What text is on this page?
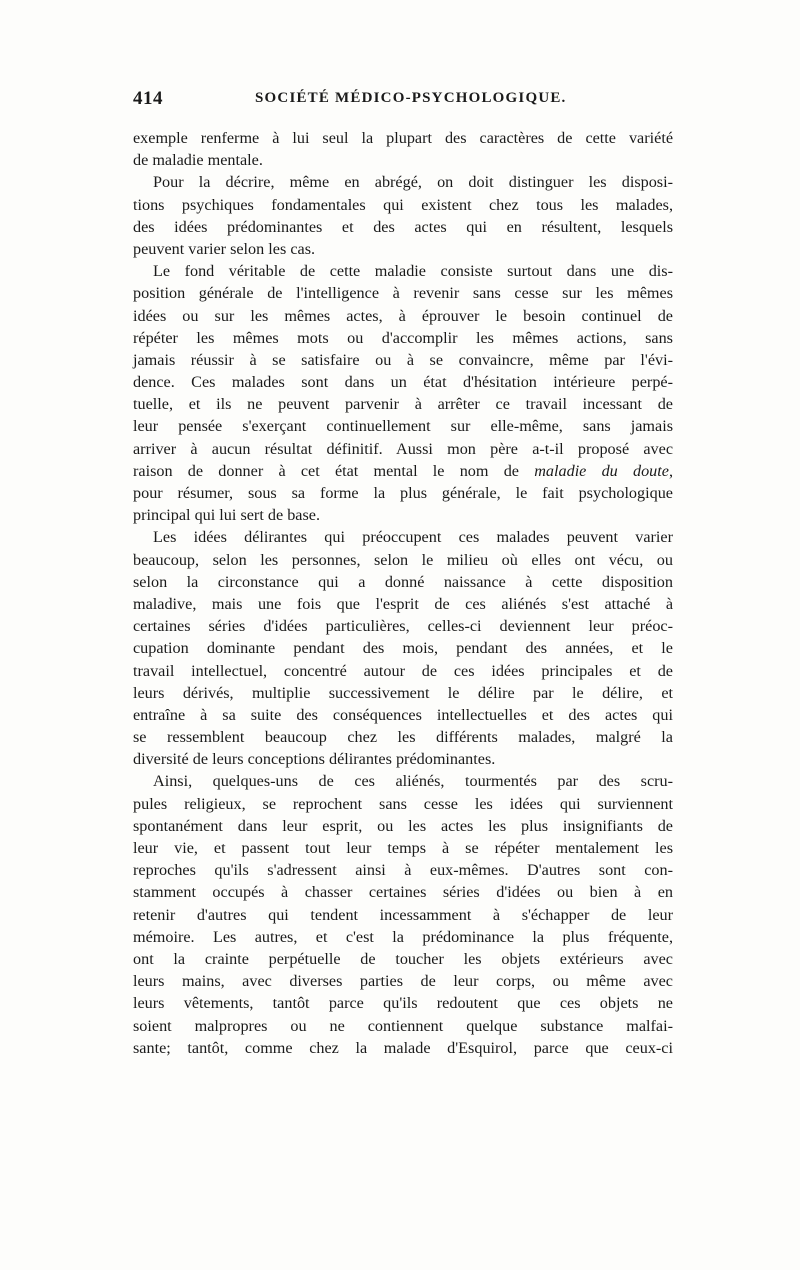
414	SOCIÉTÉ MÉDICO-PSYCHOLOGIQUE.
exemple renferme à lui seul la plupart des caractères de cette variété
de maladie mentale.
Pour la décrire, même en abrégé, on doit distinguer les disposi-
tions psychiques fondamentales qui existent chez tous les malades,
des idées prédominantes et des actes qui en résultent, lesquels
peuvent varier selon les cas.
Le fond véritable de cette maladie consiste surtout dans une dis-
position générale de l'intelligence à revenir sans cesse sur les mêmes
idées ou sur les mêmes actes, à éprouver le besoin continuel de
répéter les mêmes mots ou d'accomplir les mêmes actions, sans
jamais réussir à se satisfaire ou à se convaincre, même par l'évi-
dence. Ces malades sont dans un état d'hésitation intérieure perpé-
tuelle, et ils ne peuvent parvenir à arrêter ce travail incessant de
leur pensée s'exerçant continuellement sur elle-même, sans jamais
arriver à aucun résultat définitif. Aussi mon père a-t-il proposé avec
raison de donner à cet état mental le nom de maladie du doute,
pour résumer, sous sa forme la plus générale, le fait psychologique
principal qui lui sert de base.
Les idées délirantes qui préoccupent ces malades peuvent varier
beaucoup, selon les personnes, selon le milieu où elles ont vécu, ou
selon la circonstance qui a donné naissance à cette disposition
maladive, mais une fois que l'esprit de ces aliénés s'est attaché à
certaines séries d'idées particulières, celles-ci deviennent leur préoc-
cupation dominante pendant des mois, pendant des années, et le
travail intellectuel, concentré autour de ces idées principales et de
leurs dérivés, multiplie successivement le délire par le délire, et
entraîne à sa suite des conséquences intellectuelles et des actes qui
se ressemblent beaucoup chez les différents malades, malgré la
diversité de leurs conceptions délirantes prédominantes.
Ainsi, quelques-uns de ces aliénés, tourmentés par des scru-
pules religieux, se reprochent sans cesse les idées qui surviennent
spontanément dans leur esprit, ou les actes les plus insignifiants de
leur vie, et passent tout leur temps à se répéter mentalement les
reproches qu'ils s'adressent ainsi à eux-mêmes. D'autres sont con-
stamment occupés à chasser certaines séries d'idées ou bien à en
retenir d'autres qui tendent incessamment à s'échapper de leur
mémoire. Les autres, et c'est la prédominance la plus fréquente,
ont la crainte perpétuelle de toucher les objets extérieurs avec
leurs mains, avec diverses parties de leur corps, ou même avec
leurs vêtements, tantôt parce qu'ils redoutent que ces objets ne
soient malpropres ou ne contiennent quelque substance malfai-
sante; tantôt, comme chez la malade d'Esquirol, parce que ceux-ci
